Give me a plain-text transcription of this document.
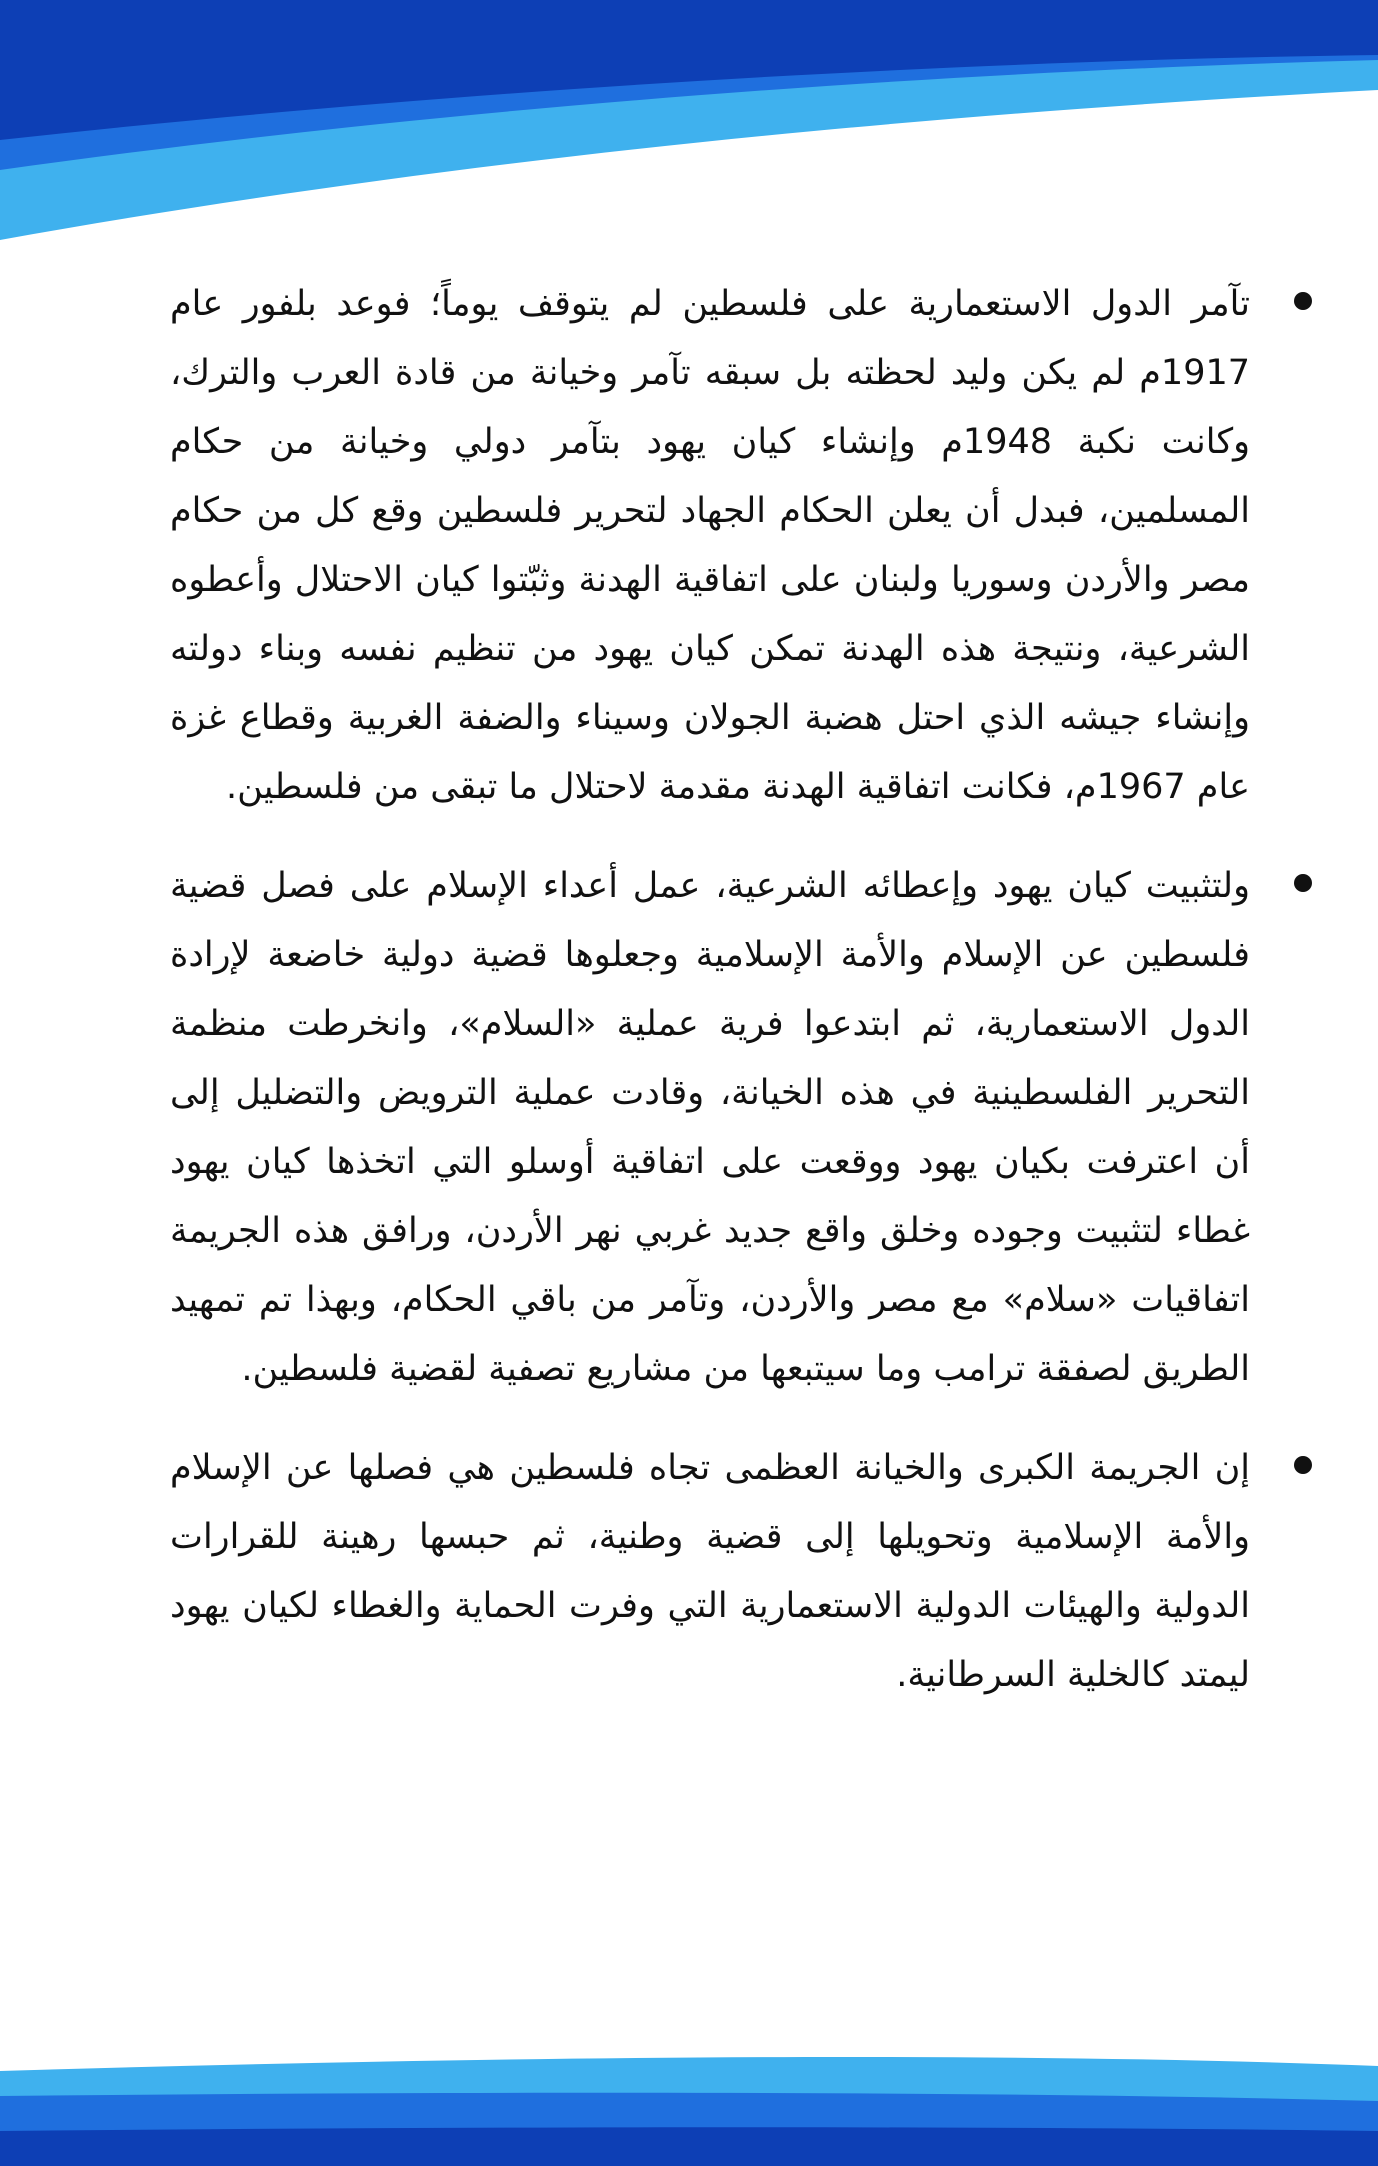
تآمر الدول الاستعمارية على فلسطين لم يتوقف يوماً؛ فوعد بلفور عام 1917م لم يكن وليد لحظته بل سبقه تآمر وخيانة من قادة العرب والترك، وكانت نكبة 1948م وإنشاء كيان يهود بتآمر دولي وخيانة من حكام المسلمين، فبدل أن يعلن الحكام الجهاد لتحرير فلسطين وقع كل من حكام مصر والأردن وسوريا ولبنان على اتفاقية الهدنة وثبّتوا كيان الاحتلال وأعطوه الشرعية، ونتيجة هذه الهدنة تمكن كيان يهود من تنظيم نفسه وبناء دولته وإنشاء جيشه الذي احتل هضبة الجولان وسيناء والضفة الغربية وقطاع غزة عام 1967م، فكانت اتفاقية الهدنة مقدمة لاحتلال ما تبقى من فلسطين.

ولتثبيت كيان يهود وإعطائه الشرعية، عمل أعداء الإسلام على فصل قضية فلسطين عن الإسلام والأمة الإسلامية وجعلوها قضية دولية خاضعة لإرادة الدول الاستعمارية، ثم ابتدعوا فرية عملية «السلام»، وانخرطت منظمة التحرير الفلسطينية في هذه الخيانة، وقادت عملية الترويض والتضليل إلى أن اعترفت بكيان يهود ووقعت على اتفاقية أوسلو التي اتخذها كيان يهود غطاء لتثبيت وجوده وخلق واقع جديد غربي نهر الأردن، ورافق هذه الجريمة اتفاقيات «سلام» مع مصر والأردن، وتآمر من باقي الحكام، وبهذا تم تمهيد الطريق لصفقة ترامب وما سيتبعها من مشاريع تصفية لقضية فلسطين.

إن الجريمة الكبرى والخيانة العظمى تجاه فلسطين هي فصلها عن الإسلام والأمة الإسلامية وتحويلها إلى قضية وطنية، ثم حبسها رهينة للقرارات الدولية والهيئات الدولية الاستعمارية التي وفرت الحماية والغطاء لكيان يهود ليمتد كالخلية السرطانية.
